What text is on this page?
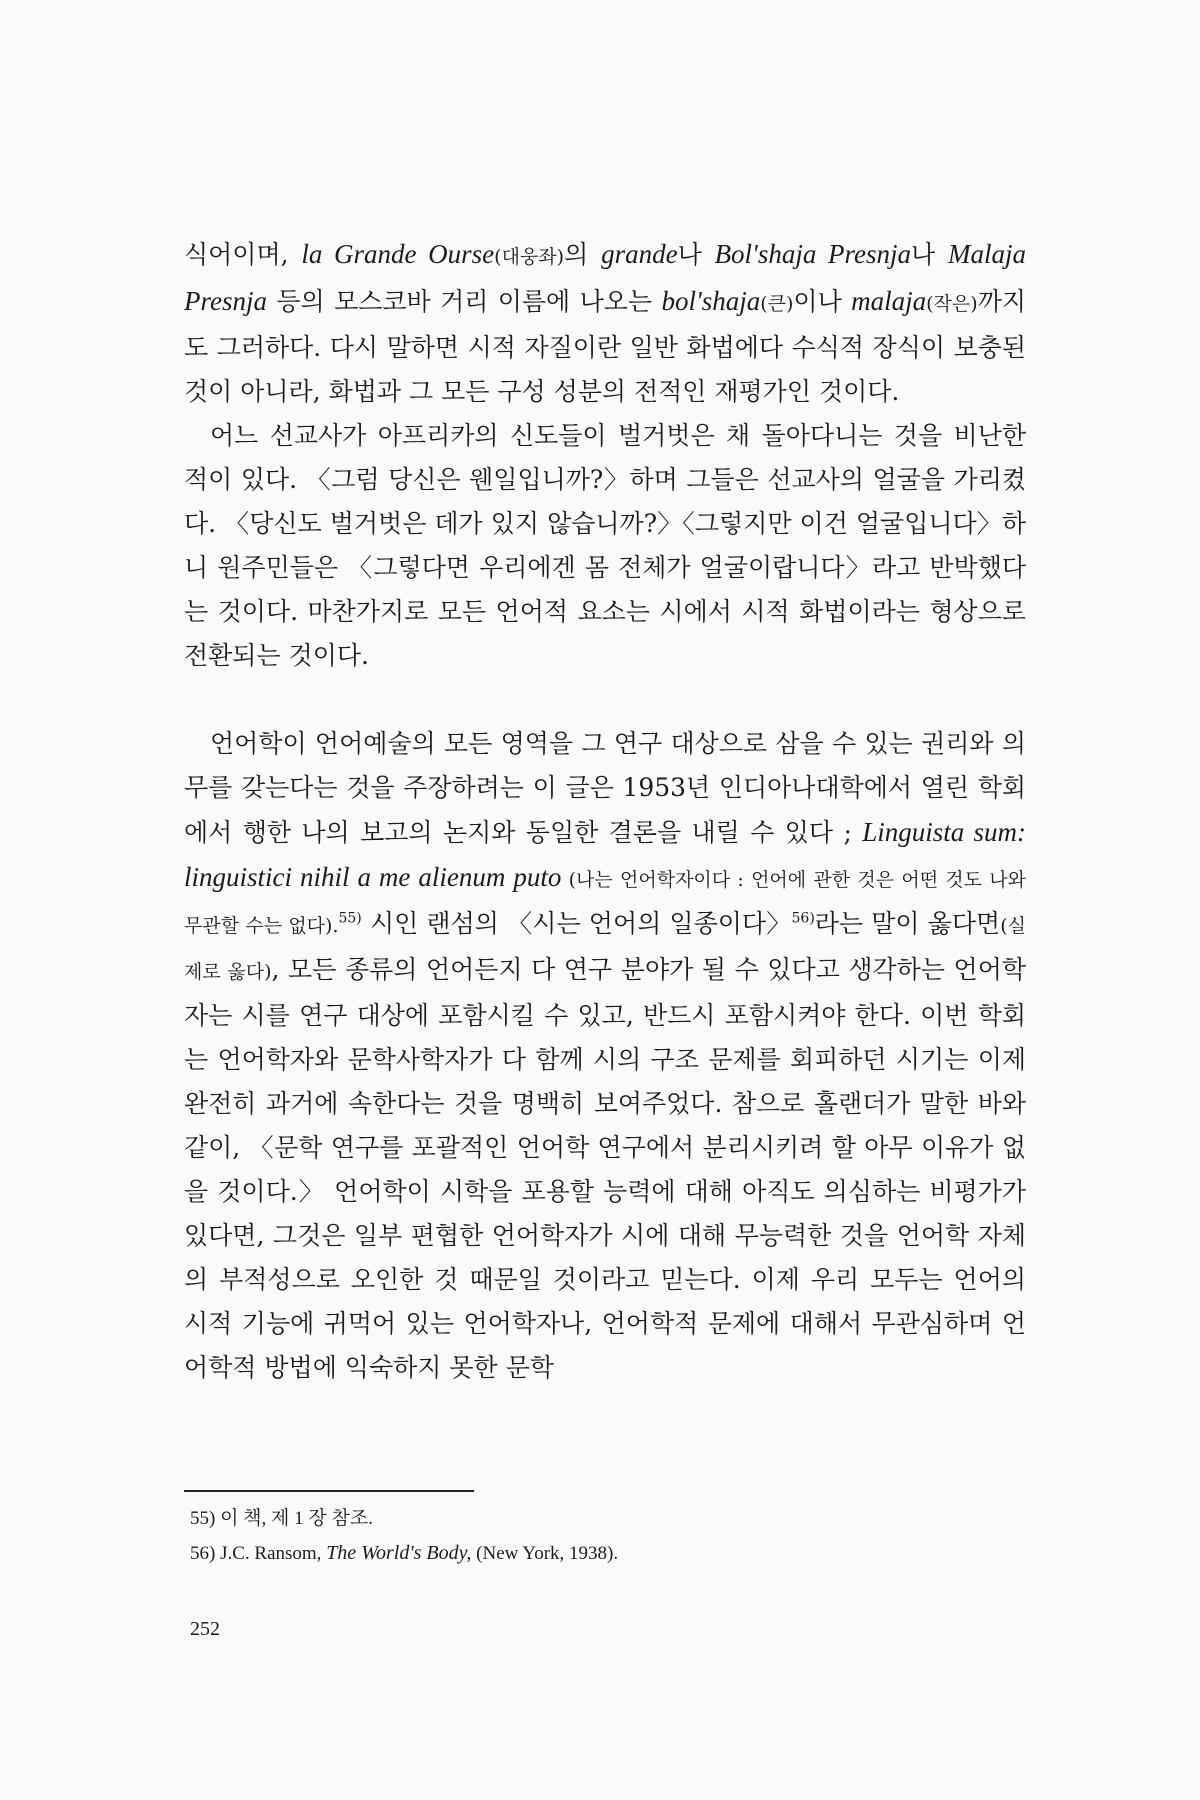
식어이며, la Grande Ourse(대웅좌)의 grande나 Bol'shaja Presnja나 Malaja Presnja 등의 모스코바 거리 이름에 나오는 bol'shaja(큰)이나 malaja(작은)까지도 그러하다. 다시 말하면 시적 자질이란 일반 화법에다 수식적 장식이 보충된 것이 아니라, 화법과 그 모든 구성 성분의 전적인 재평가인 것이다.

어느 선교사가 아프리카의 신도들이 벌거벗은 채 돌아다니는 것을 비난한 적이 있다. 〈그럼 당신은 웬일입니까?〉하며 그들은 선교사의 얼굴을 가리켰다. 〈당신도 벌거벗은 데가 있지 않습니까?〉〈그렇지만 이건 얼굴입니다〉하니 원주민들은 〈그렇다면 우리에겐 몸 전체가 얼굴이랍니다〉라고 반박했다는 것이다. 마찬가지로 모든 언어적 요소는 시에서 시적 화법이라는 형상으로 전환되는 것이다.

언어학이 언어예술의 모든 영역을 그 연구 대상으로 삼을 수 있는 권리와 의무를 갖는다는 것을 주장하려는 이 글은 1953년 인디아나대학에서 열린 학회에서 행한 나의 보고의 논지와 동일한 결론을 내릴 수 있다 ; Linguista sum: linguistici nihil a me alienum puto (나는 언어학자이다 : 언어에 관한 것은 어떤 것도 나와 무관할 수는 없다).$^{55)}$ 시인 랜섬의 〈시는 언어의 일종이다〉$^{56)}$라는 말이 옳다면(실제로 옳다), 모든 종류의 언어든지 다 연구 분야가 될 수 있다고 생각하는 언어학자는 시를 연구 대상에 포함시킬 수 있고, 반드시 포함시켜야 한다. 이번 학회는 언어학자와 문학사학자가 다 함께 시의 구조 문제를 회피하던 시기는 이제 완전히 과거에 속한다는 것을 명백히 보여주었다. 참으로 홀랜더가 말한 바와 같이, 〈문학 연구를 포괄적인 언어학 연구에서 분리시키려 할 아무 이유가 없을 것이다.〉 언어학이 시학을 포용할 능력에 대해 아직도 의심하는 비평가가 있다면, 그것은 일부 편협한 언어학자가 시에 대해 무능력한 것을 언어학 자체의 부적성으로 오인한 것 때문일 것이라고 믿는다. 이제 우리 모두는 언어의 시적 기능에 귀먹어 있는 언어학자나, 언어학적 문제에 대해서 무관심하며 언어학적 방법에 익숙하지 못한 문학

55) 이 책, 제 1 장 참조.

56) J.C. Ransom, The World's Body, (New York, 1938).

252
